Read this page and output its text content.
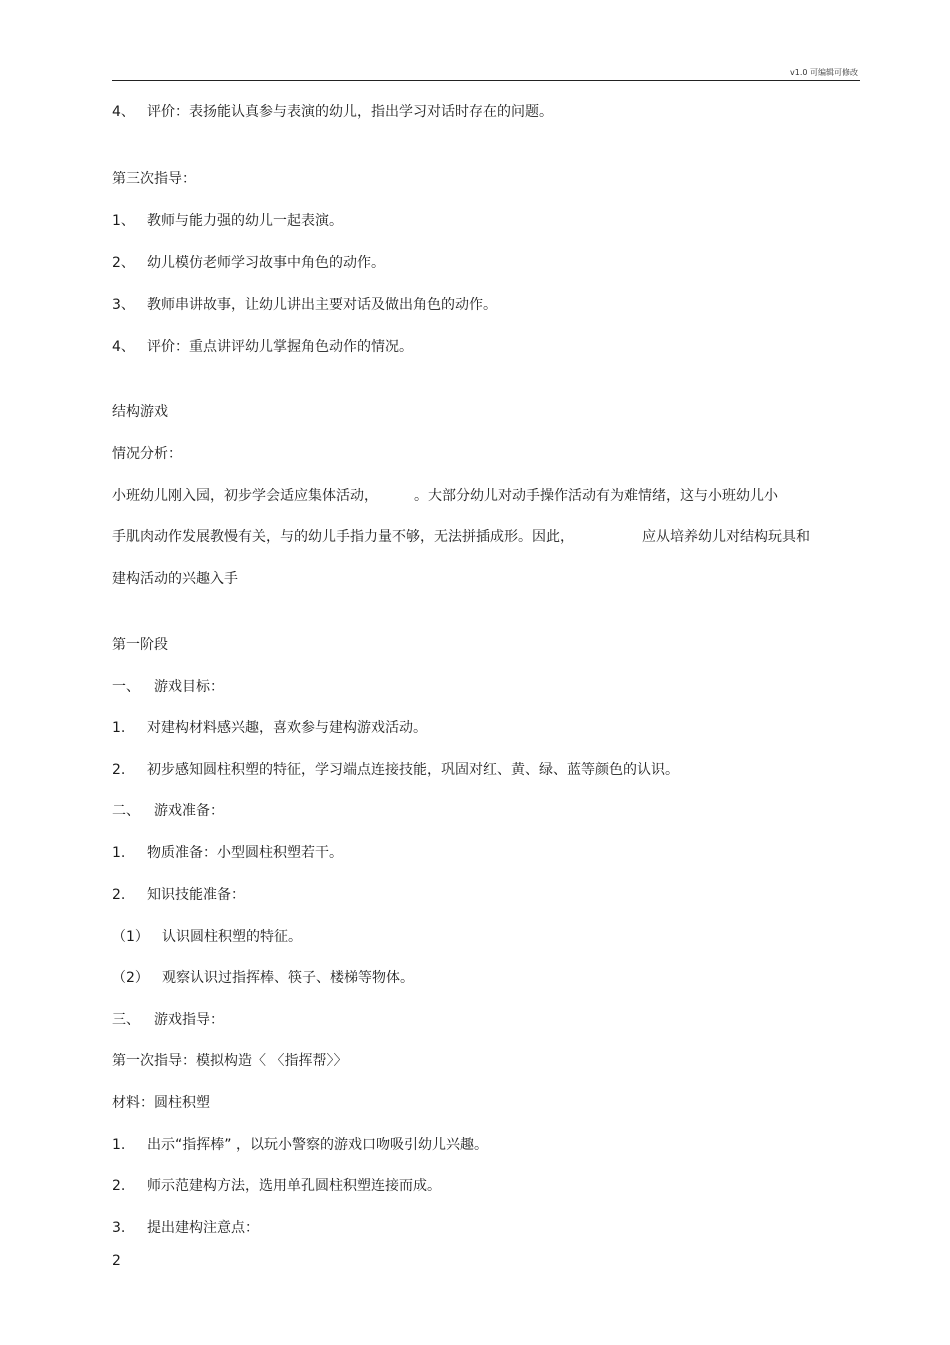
v1.0 可编辑可修改
4、 评价：表扬能认真参与表演的幼儿，指出学习对话时存在的问题。
第三次指导：
1、 教师与能力强的幼儿一起表演。
2、 幼儿模仿老师学习故事中角色的动作。
3、 教师串讲故事，让幼儿讲出主要对话及做出角色的动作。
4、 评价：重点讲评幼儿掌握角色动作的情况。
结构游戏
情况分析：
小班幼儿刚入园，初步学会适应集体活动，	。大部分幼儿对动手操作活动有为难情绪，这与小班幼儿小
手肌肉动作发展教慢有关，与的幼儿手指力量不够，无法拼插成形。因此，	应从培养幼儿对结构玩具和
建构活动的兴趣入手
第一阶段
一、 游戏目标：
1. 对建构材料感兴趣，喜欢参与建构游戏活动。
2. 初步感知圆柱积塑的特征，学习端点连接技能，巩固对红、黄、绿、蓝等颜色的认识。
二、 游戏准备：
1. 物质准备：小型圆柱积塑若干。
2. 知识技能准备：
（1） 认识圆柱积塑的特征。
（2） 观察认识过指挥棒、筷子、楼梯等物体。
三、 游戏指导：
第一次指导：模拟构造〈 〈指挥帮〉〉
材料：圆柱积塑
1. 出示“指挥棒” ，以玩小警察的游戏口吻吸引幼儿兴趣。
2. 师示范建构方法，选用单孔圆柱积塑连接而成。
3. 提出建构注意点：
2
